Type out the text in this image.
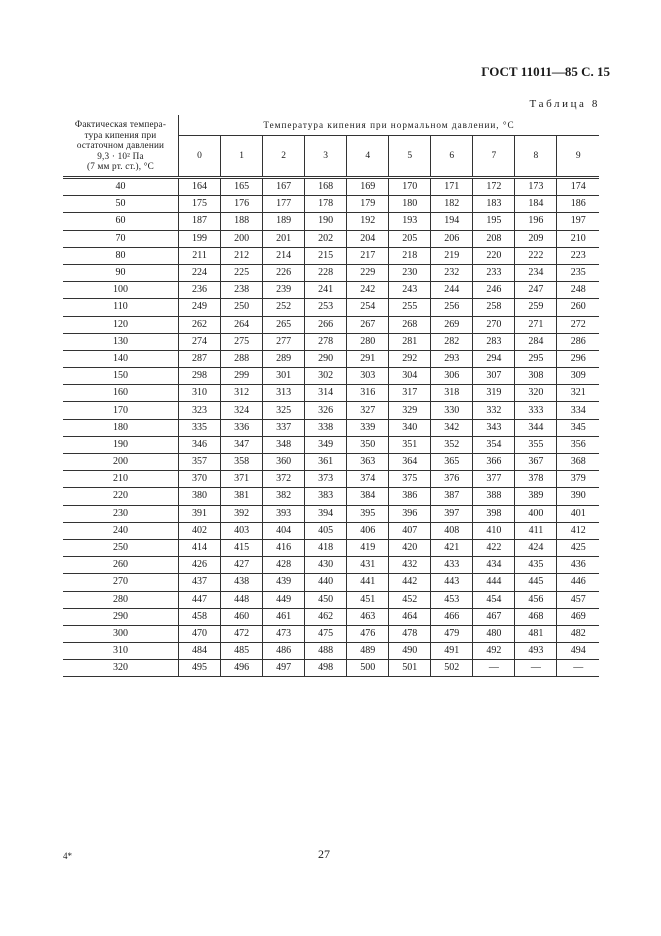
ГОСТ 11011—85 С. 15
Таблица 8
Фактическая темпера-
тура кипения при
остаточном давлении
9,3 · 10² Па
(7 мм рт. ст.), °С	Температура кипения при нормальном давлении, °С									
	0	1	2	3	4	5	6	7	8	9
40	164	165	167	168	169	170	171	172	173	174
50	175	176	177	178	179	180	182	183	184	186
60	187	188	189	190	192	193	194	195	196	197
70	199	200	201	202	204	205	206	208	209	210
80	211	212	214	215	217	218	219	220	222	223
90	224	225	226	228	229	230	232	233	234	235
100	236	238	239	241	242	243	244	246	247	248
110	249	250	252	253	254	255	256	258	259	260
120	262	264	265	266	267	268	269	270	271	272
130	274	275	277	278	280	281	282	283	284	286
140	287	288	289	290	291	292	293	294	295	296
150	298	299	301	302	303	304	306	307	308	309
160	310	312	313	314	316	317	318	319	320	321
170	323	324	325	326	327	329	330	332	333	334
180	335	336	337	338	339	340	342	343	344	345
190	346	347	348	349	350	351	352	354	355	356
200	357	358	360	361	363	364	365	366	367	368
210	370	371	372	373	374	375	376	377	378	379
220	380	381	382	383	384	386	387	388	389	390
230	391	392	393	394	395	396	397	398	400	401
240	402	403	404	405	406	407	408	410	411	412
250	414	415	416	418	419	420	421	422	424	425
260	426	427	428	430	431	432	433	434	435	436
270	437	438	439	440	441	442	443	444	445	446
280	447	448	449	450	451	452	453	454	456	457
290	458	460	461	462	463	464	466	467	468	469
300	470	472	473	475	476	478	479	480	481	482
310	484	485	486	488	489	490	491	492	493	494
320	495	496	497	498	500	501	502	—	—	—
4*	27
